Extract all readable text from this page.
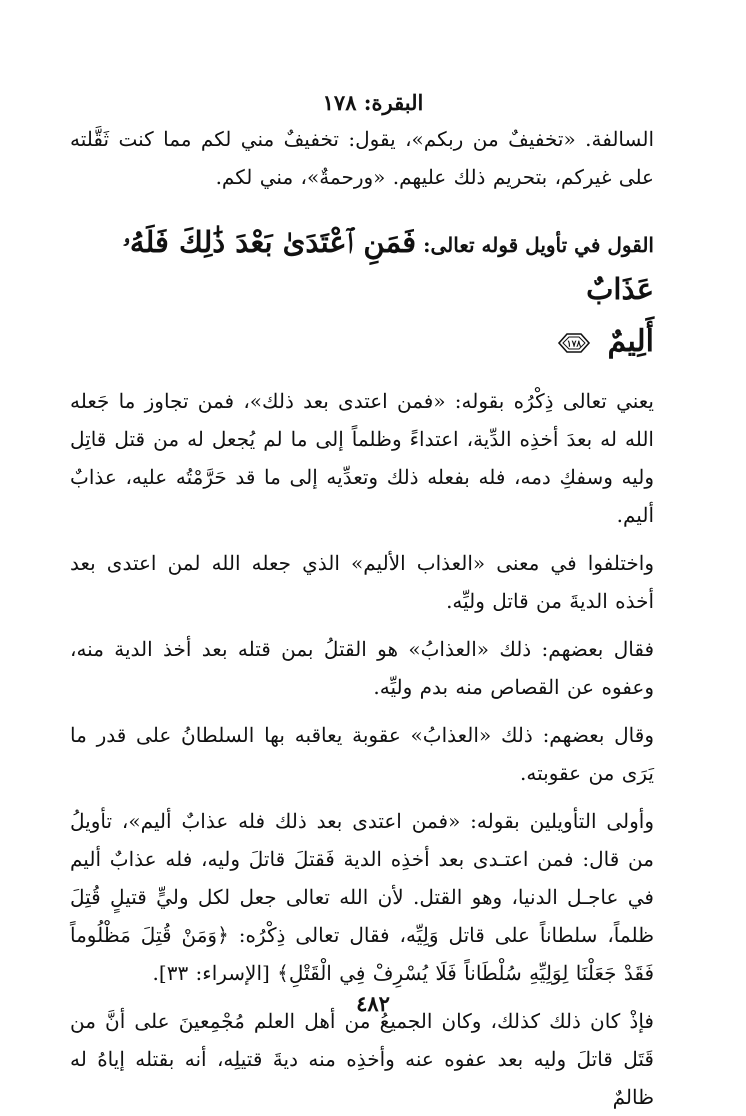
البقرة: ١٧٨

السالفة. «تخفيفٌ من ربكم»، يقول: تخفيفٌ مني لكم مما كنت ثَقَّلته على غيركم، بتحريم ذلك عليهم. «ورحمةٌ»، مني لكم.

القول في تأويل قوله تعالى: فَمَنِ ٱعْتَدَىٰ بَعْدَ ذَٰلِكَ فَلَهُۥ عَذَابٌ
أَلِيمٌ
١٧٨

يعني تعالى ذِكْرُه بقوله: «فمن اعتدى بعد ذلك»، فمن تجاوز ما جَعله الله له بعدَ أخذِه الدِّية، اعتداءً وظلماً إلى ما لم يُجعل له من قتل قاتِل وليه وسفكِ دمه، فله بفعله ذلك وتعدِّيه إلى ما قد حَرَّمْتُه عليه، عذابٌ أليم.

واختلفوا في معنى «العذاب الأليم» الذي جعله الله لمن اعتدى بعد أخذه الديةَ من قاتل وليِّه.

فقال بعضهم: ذلك «العذابُ» هو القتلُ بمن قتله بعد أخذ الدية منه، وعفوه عن القصاص منه بدم وليِّه.

وقال بعضهم: ذلك «العذابُ» عقوبة يعاقبه بها السلطانُ على قدر ما يَرَى من عقوبته.

وأولى التأويلين بقوله: «فمن اعتدى بعد ذلك فله عذابٌ أليم»، تأويلُ من قال: فمن اعتـدى بعد أخذِه الدية فَقتلَ قاتلَ وليه، فله عذابٌ أليم في عاجـل الدنيا، وهو القتل. لأن الله تعالى جعل لكل وليٍّ قتيلٍ قُتِلَ ظلماً، سلطاناً على قاتل وَلِيِّه، فقال تعالى ذِكْرُه: ﴿وَمَنْ قُتِلَ مَظْلُوماً فَقَدْ جَعَلْنَا لِوَلِيِّهِ سُلْطَاناً فَلَا يُسْرِفْ فِي الْقَتْلِ﴾ [الإسراء: ٣٣].

فإذْ كان ذلك كذلك، وكان الجميعُ من أهل العلم مُجْمِعينَ على أنَّ من قَتَل قاتلَ وليه بعد عفوه عنه وأخذِه منه ديةَ قتيلِه، أنه بقتله إياهُ له ظالمٌ

٤٨٢
